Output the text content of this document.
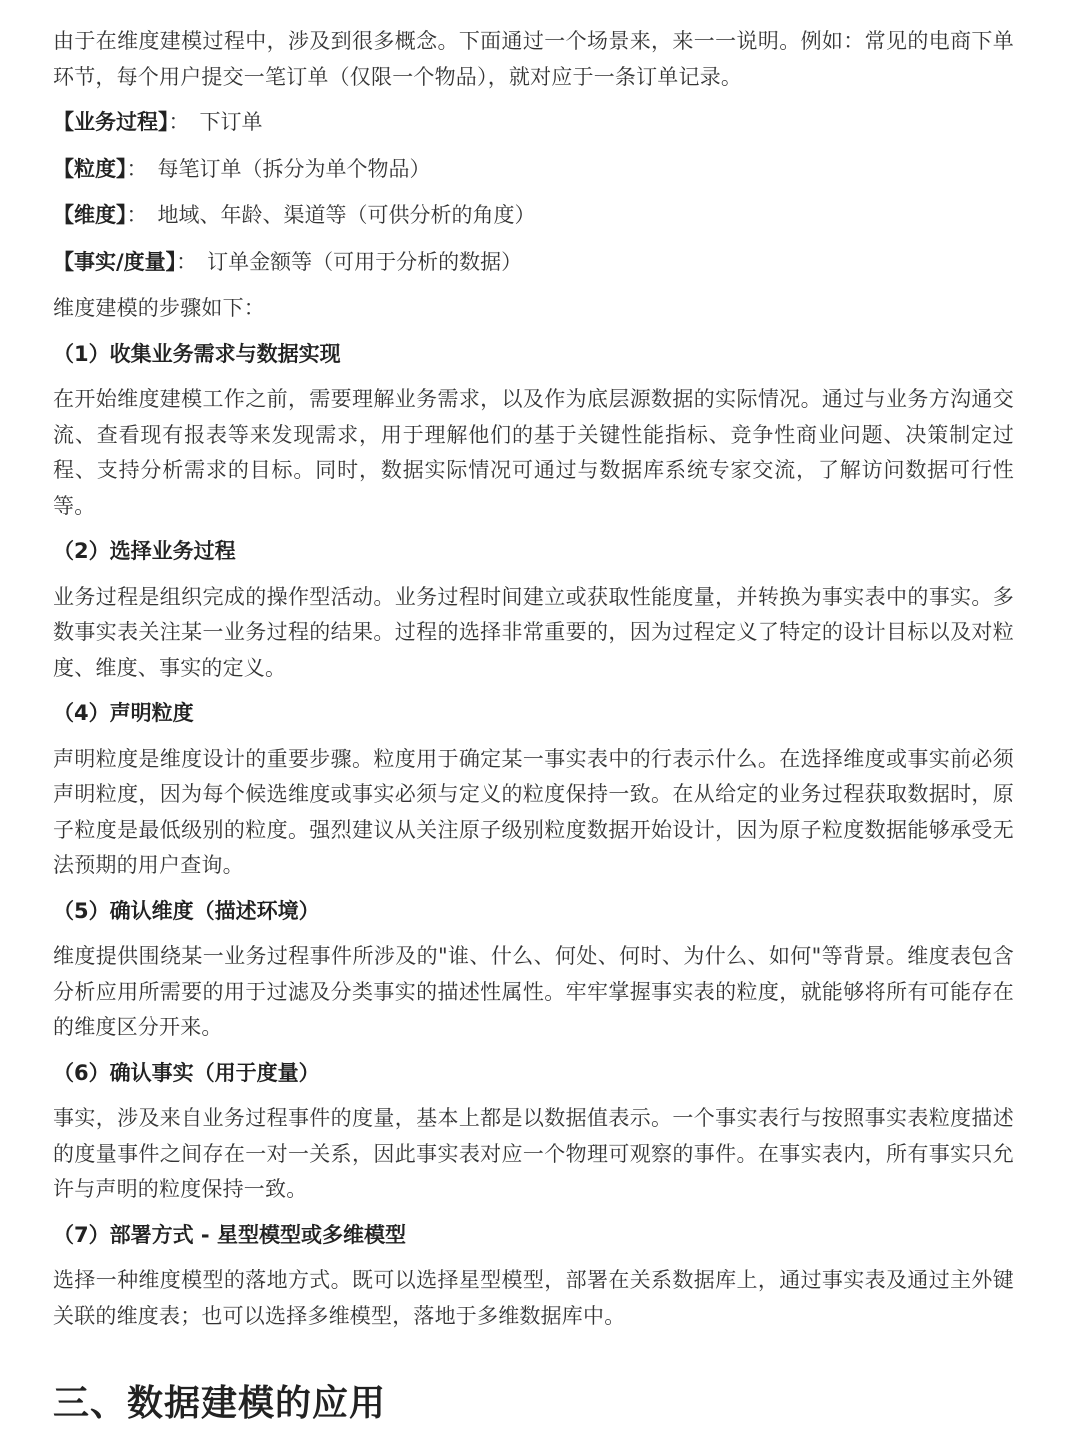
由于在维度建模过程中，涉及到很多概念。下面通过一个场景来，来一一说明。例如：常见的电商下单环节，每个用户提交一笔订单（仅限一个物品），就对应于一条订单记录。

【业务过程】： 下订单

【粒度】： 每笔订单（拆分为单个物品）

【维度】： 地域、年龄、渠道等（可供分析的角度）

【事实/度量】： 订单金额等（可用于分析的数据）

维度建模的步骤如下：

（1）收集业务需求与数据实现

在开始维度建模工作之前，需要理解业务需求，以及作为底层源数据的实际情况。通过与业务方沟通交流、查看现有报表等来发现需求，用于理解他们的基于关键性能指标、竞争性商业问题、决策制定过程、支持分析需求的目标。同时，数据实际情况可通过与数据库系统专家交流，了解访问数据可行性等。

（2）选择业务过程

业务过程是组织完成的操作型活动。业务过程时间建立或获取性能度量，并转换为事实表中的事实。多数事实表关注某一业务过程的结果。过程的选择非常重要的，因为过程定义了特定的设计目标以及对粒度、维度、事实的定义。

（4）声明粒度

声明粒度是维度设计的重要步骤。粒度用于确定某一事实表中的行表示什么。在选择维度或事实前必须声明粒度，因为每个候选维度或事实必须与定义的粒度保持一致。在从给定的业务过程获取数据时，原子粒度是最低级别的粒度。强烈建议从关注原子级别粒度数据开始设计，因为原子粒度数据能够承受无法预期的用户查询。

（5）确认维度（描述环境）

维度提供围绕某一业务过程事件所涉及的"谁、什么、何处、何时、为什么、如何"等背景。维度表包含分析应用所需要的用于过滤及分类事实的描述性属性。牢牢掌握事实表的粒度，就能够将所有可能存在的维度区分开来。

（6）确认事实（用于度量）

事实，涉及来自业务过程事件的度量，基本上都是以数据值表示。一个事实表行与按照事实表粒度描述的度量事件之间存在一对一关系，因此事实表对应一个物理可观察的事件。在事实表内，所有事实只允许与声明的粒度保持一致。

（7）部署方式 - 星型模型或多维模型

选择一种维度模型的落地方式。既可以选择星型模型，部署在关系数据库上，通过事实表及通过主外键关联的维度表；也可以选择多维模型，落地于多维数据库中。

三、数据建模的应用
